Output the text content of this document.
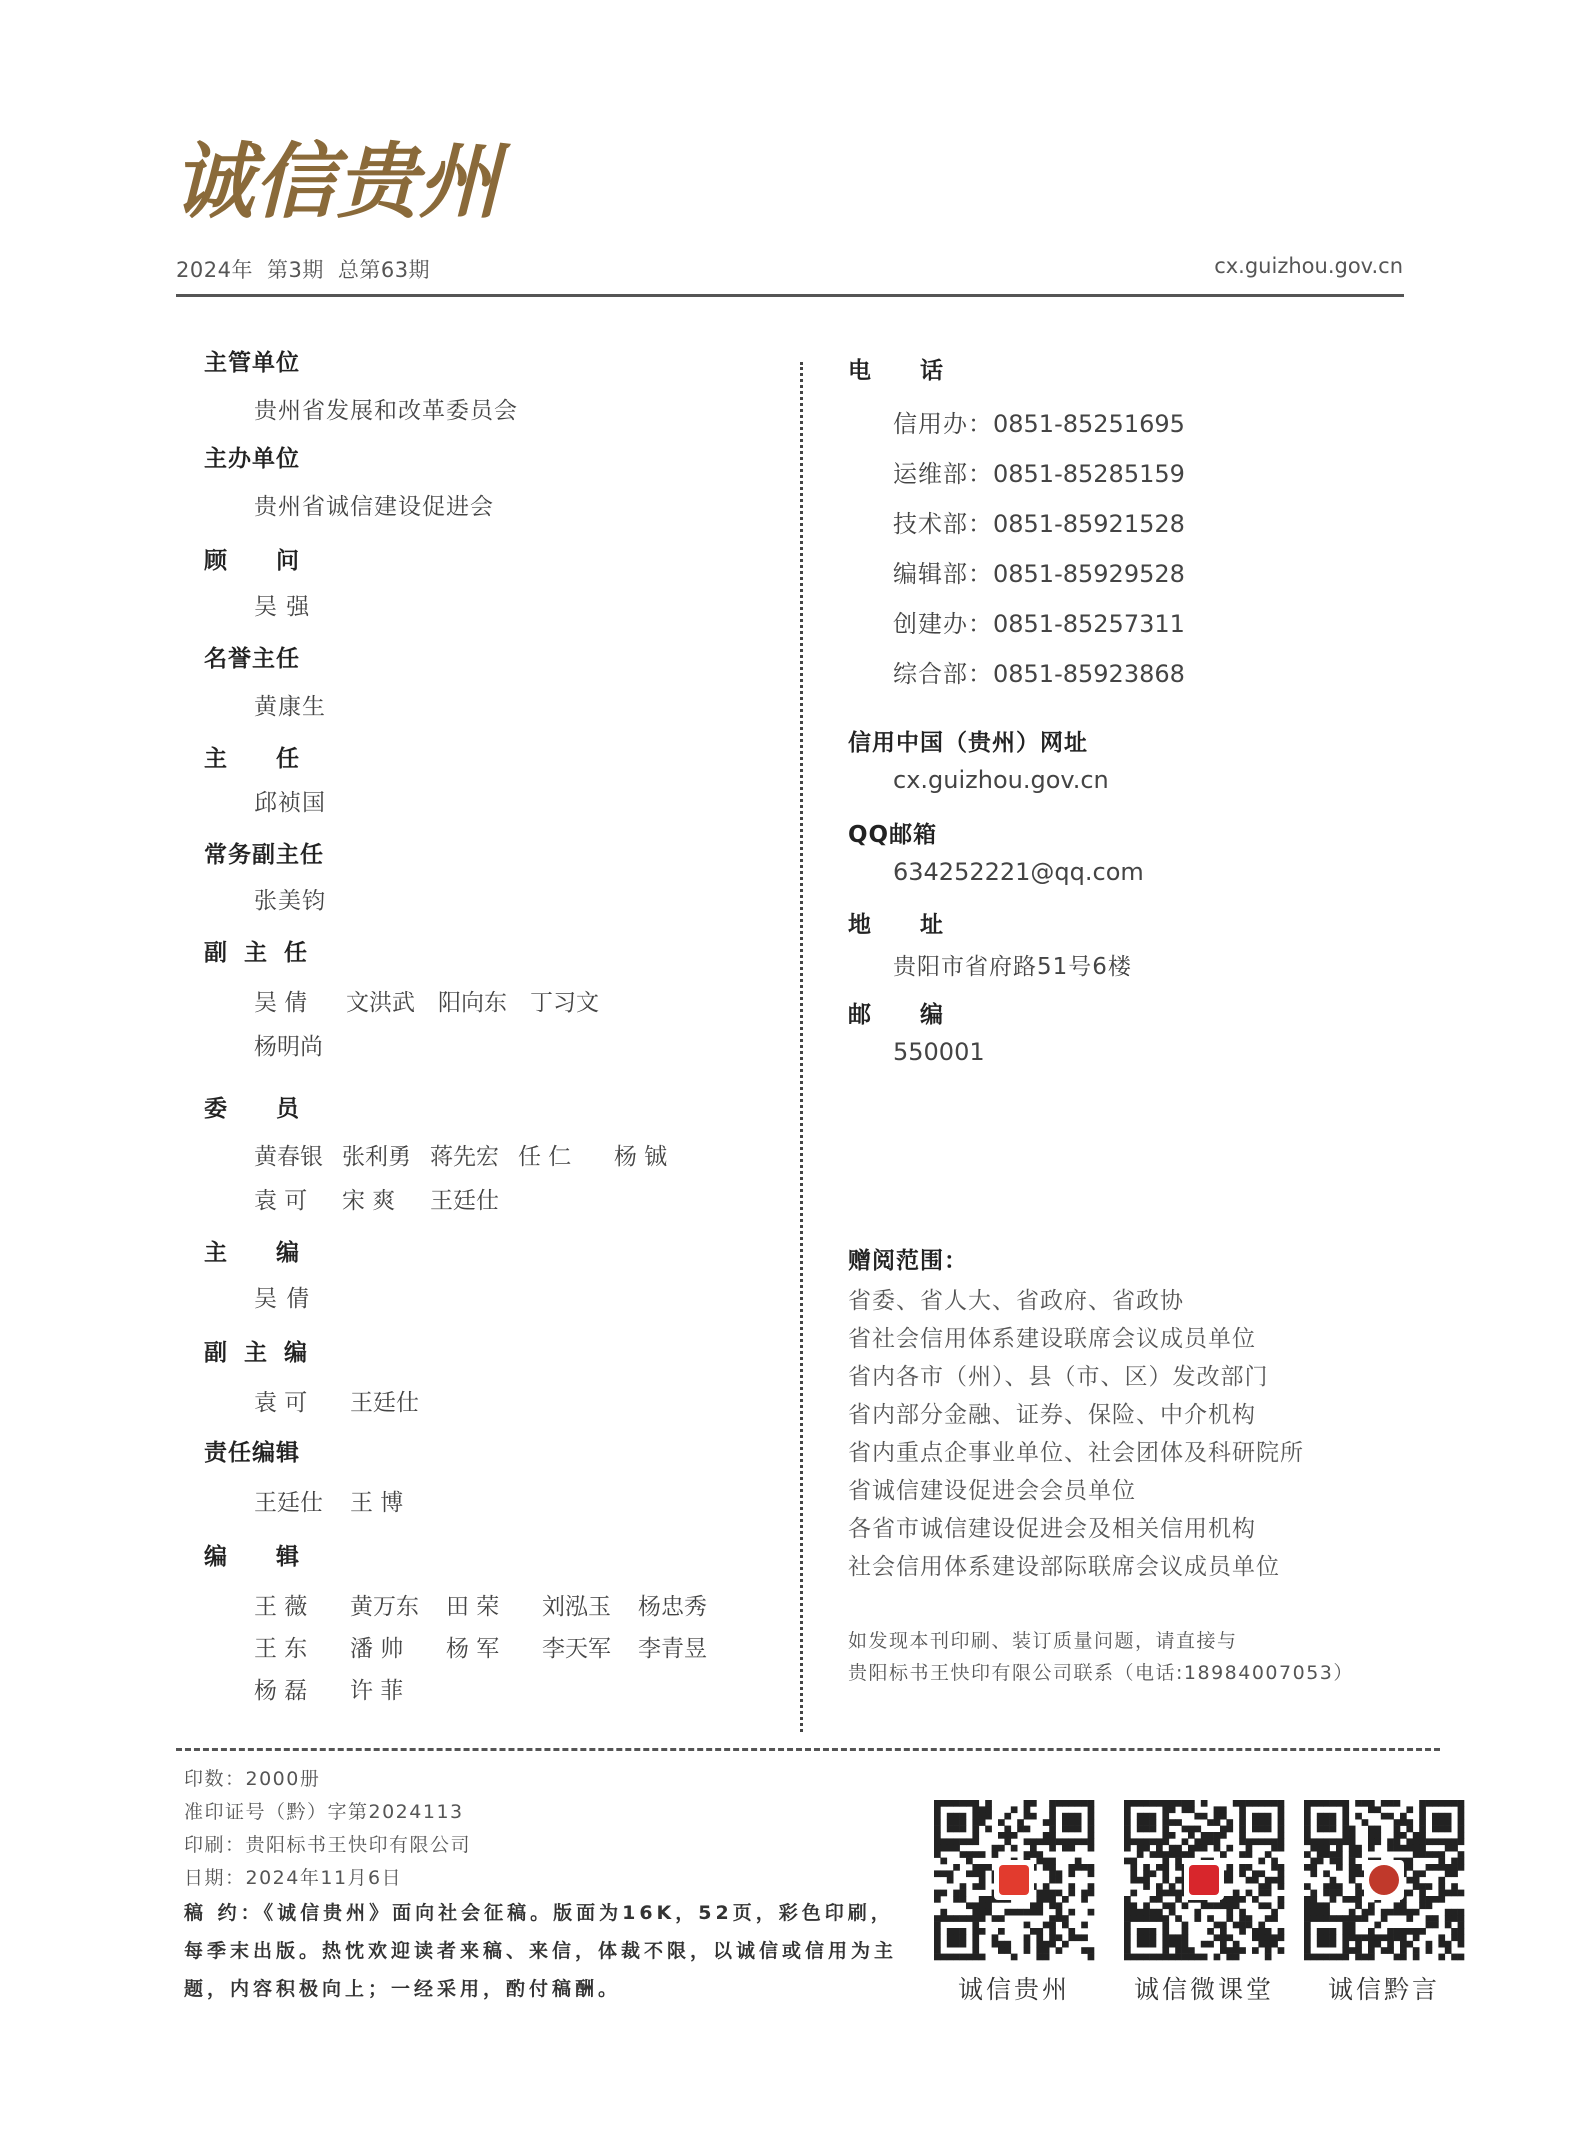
诚信贵州
2024年 第3期 总第63期	cx.guizhou.gov.cn
主管单位
贵州省发展和改革委员会
主办单位
贵州省诚信建设促进会
顾 问
吴 强
名誉主任
黄康生
主 任
邱祯国
常务副主任
张美钧
副 主 任
吴 倩	文洪武	阳向东	丁习文
杨明尚
委 员
黄春银 张利勇 蒋先宏 任 仁	杨 铖
袁 可	宋 爽	王廷仕
主 编
吴 倩
副 主 编
袁 可	王廷仕
责任编辑
王廷仕	王 博
编 辑
王 薇	黄万东	田 荣	刘泓玉	杨忠秀
王 东	潘 帅	杨 军	李天军	李青昱
杨 磊	许 菲
电 话
信用办：0851-85251695
运维部：0851-85285159
技术部：0851-85921528
编辑部：0851-85929528
创建办：0851-85257311
综合部：0851-85923868
信用中国（贵州）网址
cx.guizhou.gov.cn
QQ邮箱
634252221@qq.com
地 址
贵阳市省府路51号6楼
邮 编
550001
赠阅范围：
省委、省人大、省政府、省政协
省社会信用体系建设联席会议成员单位
省内各市（州）、县（市、区）发改部门
省内部分金融、证券、保险、中介机构
省内重点企事业单位、社会团体及科研院所
省诚信建设促进会会员单位
各省市诚信建设促进会及相关信用机构
社会信用体系建设部际联席会议成员单位
如发现本刊印刷、装订质量问题，请直接与
贵阳标书王快印有限公司联系（电话:18984007053）
印数：2000册
准印证号（黔）字第2024113
印刷：贵阳标书王快印有限公司
日期：2024年11月6日
稿 约：《诚信贵州》面向社会征稿。版面为16K，52页，彩色印刷，每季末出版。热忱欢迎读者来稿、来信，体裁不限，以诚信或信用为主题，内容积极向上；一经采用，酌付稿酬。	诚信贵州	诚信微课堂	诚信黔言
